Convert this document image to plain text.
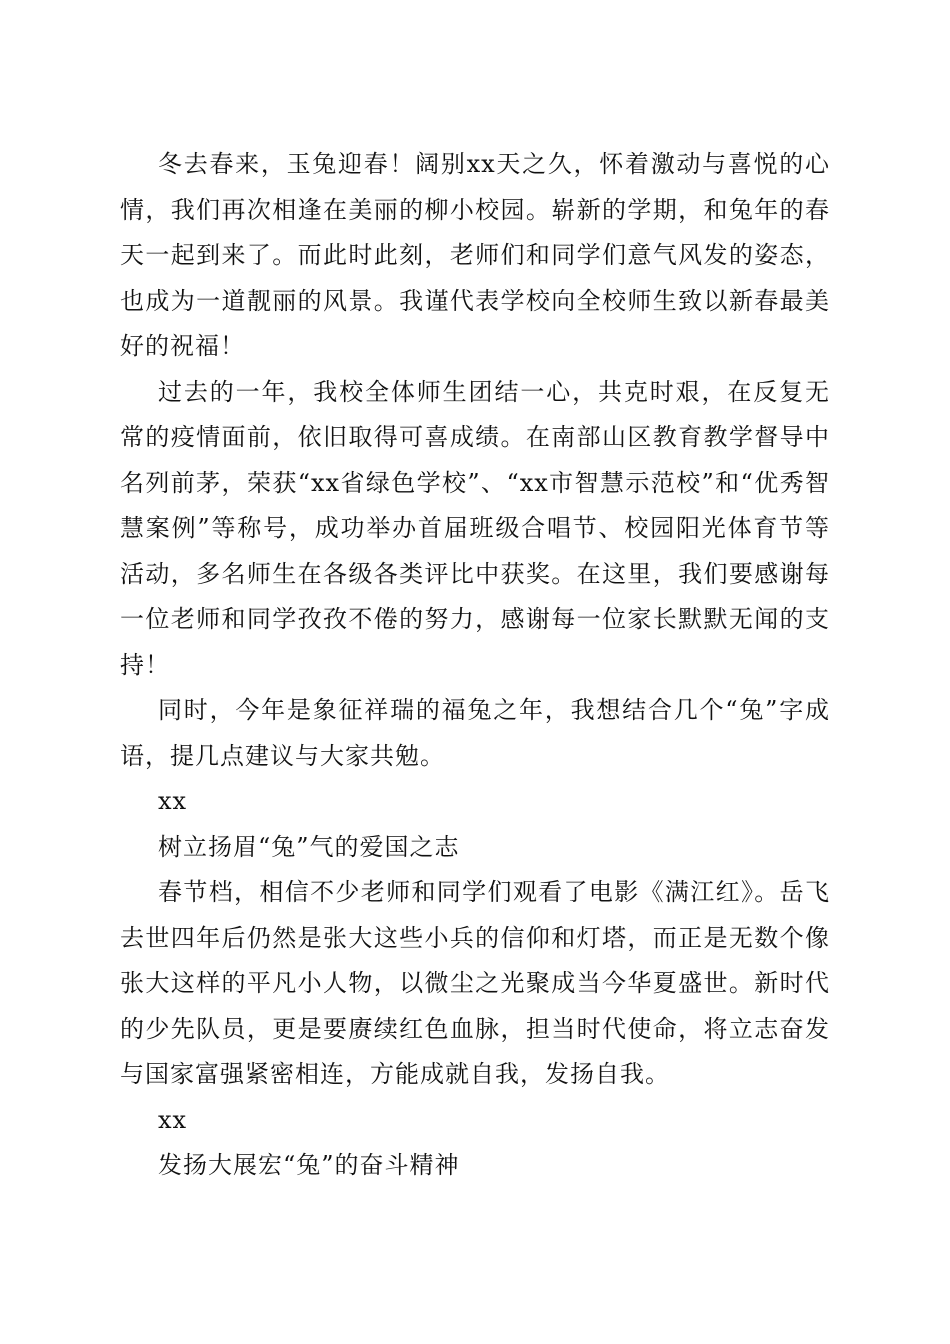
冬去春来，玉兔迎春！阔别xx天之久，怀着激动与喜悦的心情，我们再次相逢在美丽的柳小校园。崭新的学期，和兔年的春天一起到来了。而此时此刻，老师们和同学们意气风发的姿态，也成为一道靓丽的风景。我谨代表学校向全校师生致以新春最美好的祝福！

过去的一年，我校全体师生团结一心，共克时艰，在反复无常的疫情面前，依旧取得可喜成绩。在南部山区教育教学督导中名列前茅，荣获“xx省绿色学校”、“xx市智慧示范校”和“优秀智慧案例”等称号，成功举办首届班级合唱节、校园阳光体育节等活动，多名师生在各级各类评比中获奖。在这里，我们要感谢每一位老师和同学孜孜不倦的努力，感谢每一位家长默默无闻的支持！

同时，今年是象征祥瑞的福兔之年，我想结合几个“兔”字成语，提几点建议与大家共勉。

xx

树立扬眉“兔”气的爱国之志

春节档，相信不少老师和同学们观看了电影《满江红》。岳飞去世四年后仍然是张大这些小兵的信仰和灯塔，而正是无数个像张大这样的平凡小人物，以微尘之光聚成当今华夏盛世。新时代的少先队员，更是要赓续红色血脉，担当时代使命，将立志奋发与国家富强紧密相连，方能成就自我，发扬自我。

xx

发扬大展宏“兔”的奋斗精神
